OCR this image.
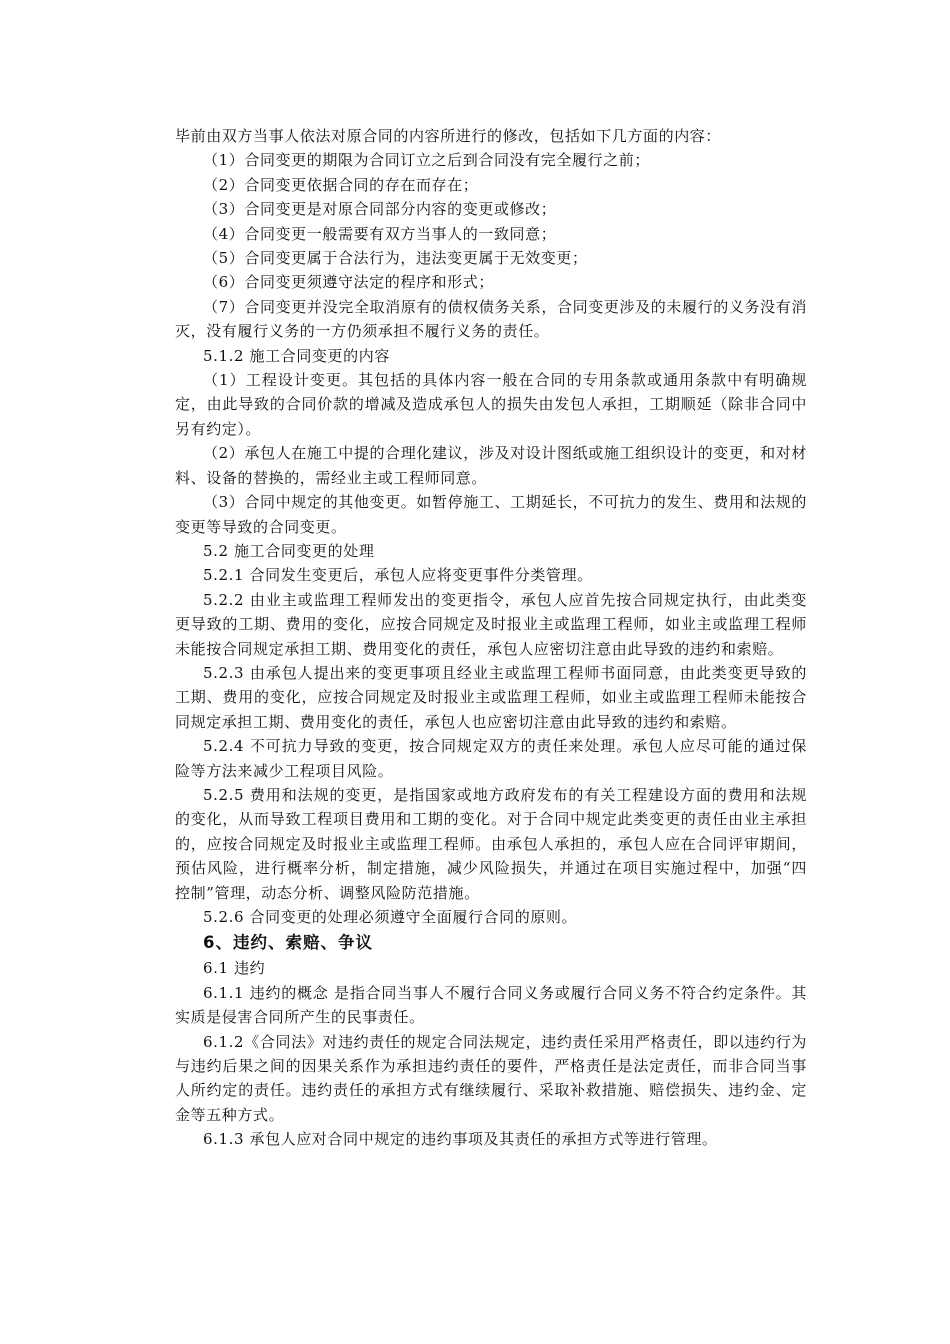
毕前由双方当事人依法对原合同的内容所进行的修改，包括如下几方面的内容：

（1）合同变更的期限为合同订立之后到合同没有完全履行之前；

（2）合同变更依据合同的存在而存在；

（3）合同变更是对原合同部分内容的变更或修改；

（4）合同变更一般需要有双方当事人的一致同意；

（5）合同变更属于合法行为，违法变更属于无效变更；

（6）合同变更须遵守法定的程序和形式；

（7）合同变更并没完全取消原有的债权债务关系，合同变更涉及的未履行的义务没有消灭，没有履行义务的一方仍须承担不履行义务的责任。

5.1.2 施工合同变更的内容

（1）工程设计变更。其包括的具体内容一般在合同的专用条款或通用条款中有明确规定，由此导致的合同价款的增减及造成承包人的损失由发包人承担，工期顺延（除非合同中另有约定）。

（2）承包人在施工中提的合理化建议，涉及对设计图纸或施工组织设计的变更，和对材料、设备的替换的，需经业主或工程师同意。

（3）合同中规定的其他变更。如暂停施工、工期延长，不可抗力的发生、费用和法规的变更等导致的合同变更。

5.2 施工合同变更的处理

5.2.1 合同发生变更后，承包人应将变更事件分类管理。

5.2.2 由业主或监理工程师发出的变更指令，承包人应首先按合同规定执行，由此类变更导致的工期、费用的变化，应按合同规定及时报业主或监理工程师，如业主或监理工程师未能按合同规定承担工期、费用变化的责任，承包人应密切注意由此导致的违约和索赔。

5.2.3 由承包人提出来的变更事项且经业主或监理工程师书面同意，由此类变更导致的工期、费用的变化，应按合同规定及时报业主或监理工程师，如业主或监理工程师未能按合同规定承担工期、费用变化的责任，承包人也应密切注意由此导致的违约和索赔。

5.2.4 不可抗力导致的变更，按合同规定双方的责任来处理。承包人应尽可能的通过保险等方法来减少工程项目风险。

5.2.5 费用和法规的变更，是指国家或地方政府发布的有关工程建设方面的费用和法规的变化，从而导致工程项目费用和工期的变化。对于合同中规定此类变更的责任由业主承担的，应按合同规定及时报业主或监理工程师。由承包人承担的，承包人应在合同评审期间，预估风险，进行概率分析，制定措施，减少风险损失，并通过在项目实施过程中，加强“四控制”管理，动态分析、调整风险防范措施。

5.2.6 合同变更的处理必须遵守全面履行合同的原则。

6、违约、索赔、争议

6.1 违约

6.1.1 违约的概念 是指合同当事人不履行合同义务或履行合同义务不符合约定条件。其实质是侵害合同所产生的民事责任。

6.1.2《合同法》对违约责任的规定合同法规定，违约责任采用严格责任，即以违约行为与违约后果之间的因果关系作为承担违约责任的要件，严格责任是法定责任，而非合同当事人所约定的责任。违约责任的承担方式有继续履行、采取补救措施、赔偿损失、违约金、定金等五种方式。

6.1.3 承包人应对合同中规定的违约事项及其责任的承担方式等进行管理。
